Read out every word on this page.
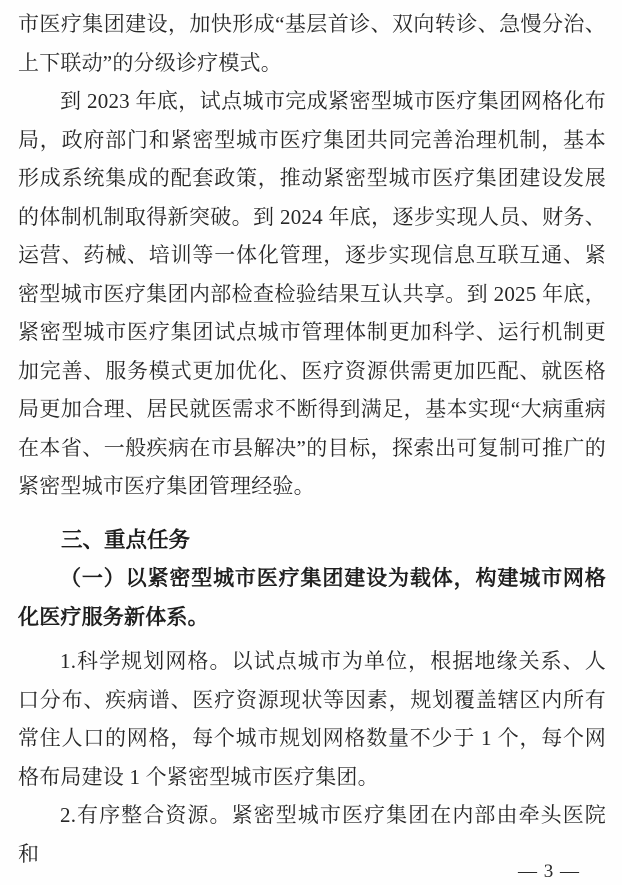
市医疗集团建设，加快形成“基层首诊、双向转诊、急慢分治、上下联动”的分级诊疗模式。

到 2023 年底，试点城市完成紧密型城市医疗集团网格化布局，政府部门和紧密型城市医疗集团共同完善治理机制，基本形成系统集成的配套政策，推动紧密型城市医疗集团建设发展的体制机制取得新突破。到 2024 年底，逐步实现人员、财务、运营、药械、培训等一体化管理，逐步实现信息互联互通、紧密型城市医疗集团内部检查检验结果互认共享。到 2025 年底，紧密型城市医疗集团试点城市管理体制更加科学、运行机制更加完善、服务模式更加优化、医疗资源供需更加匹配、就医格局更加合理、居民就医需求不断得到满足，基本实现“大病重病在本省、一般疾病在市县解决”的目标，探索出可复制可推广的紧密型城市医疗集团管理经验。

三、重点任务

（一）以紧密型城市医疗集团建设为载体，构建城市网格化医疗服务新体系。

1.科学规划网格。以试点城市为单位，根据地缘关系、人口分布、疾病谱、医疗资源现状等因素，规划覆盖辖区内所有常住人口的网格，每个城市规划网格数量不少于 1 个，每个网格布局建设 1 个紧密型城市医疗集团。

2.有序整合资源。紧密型城市医疗集团在内部由牵头医院和

— 3 —
